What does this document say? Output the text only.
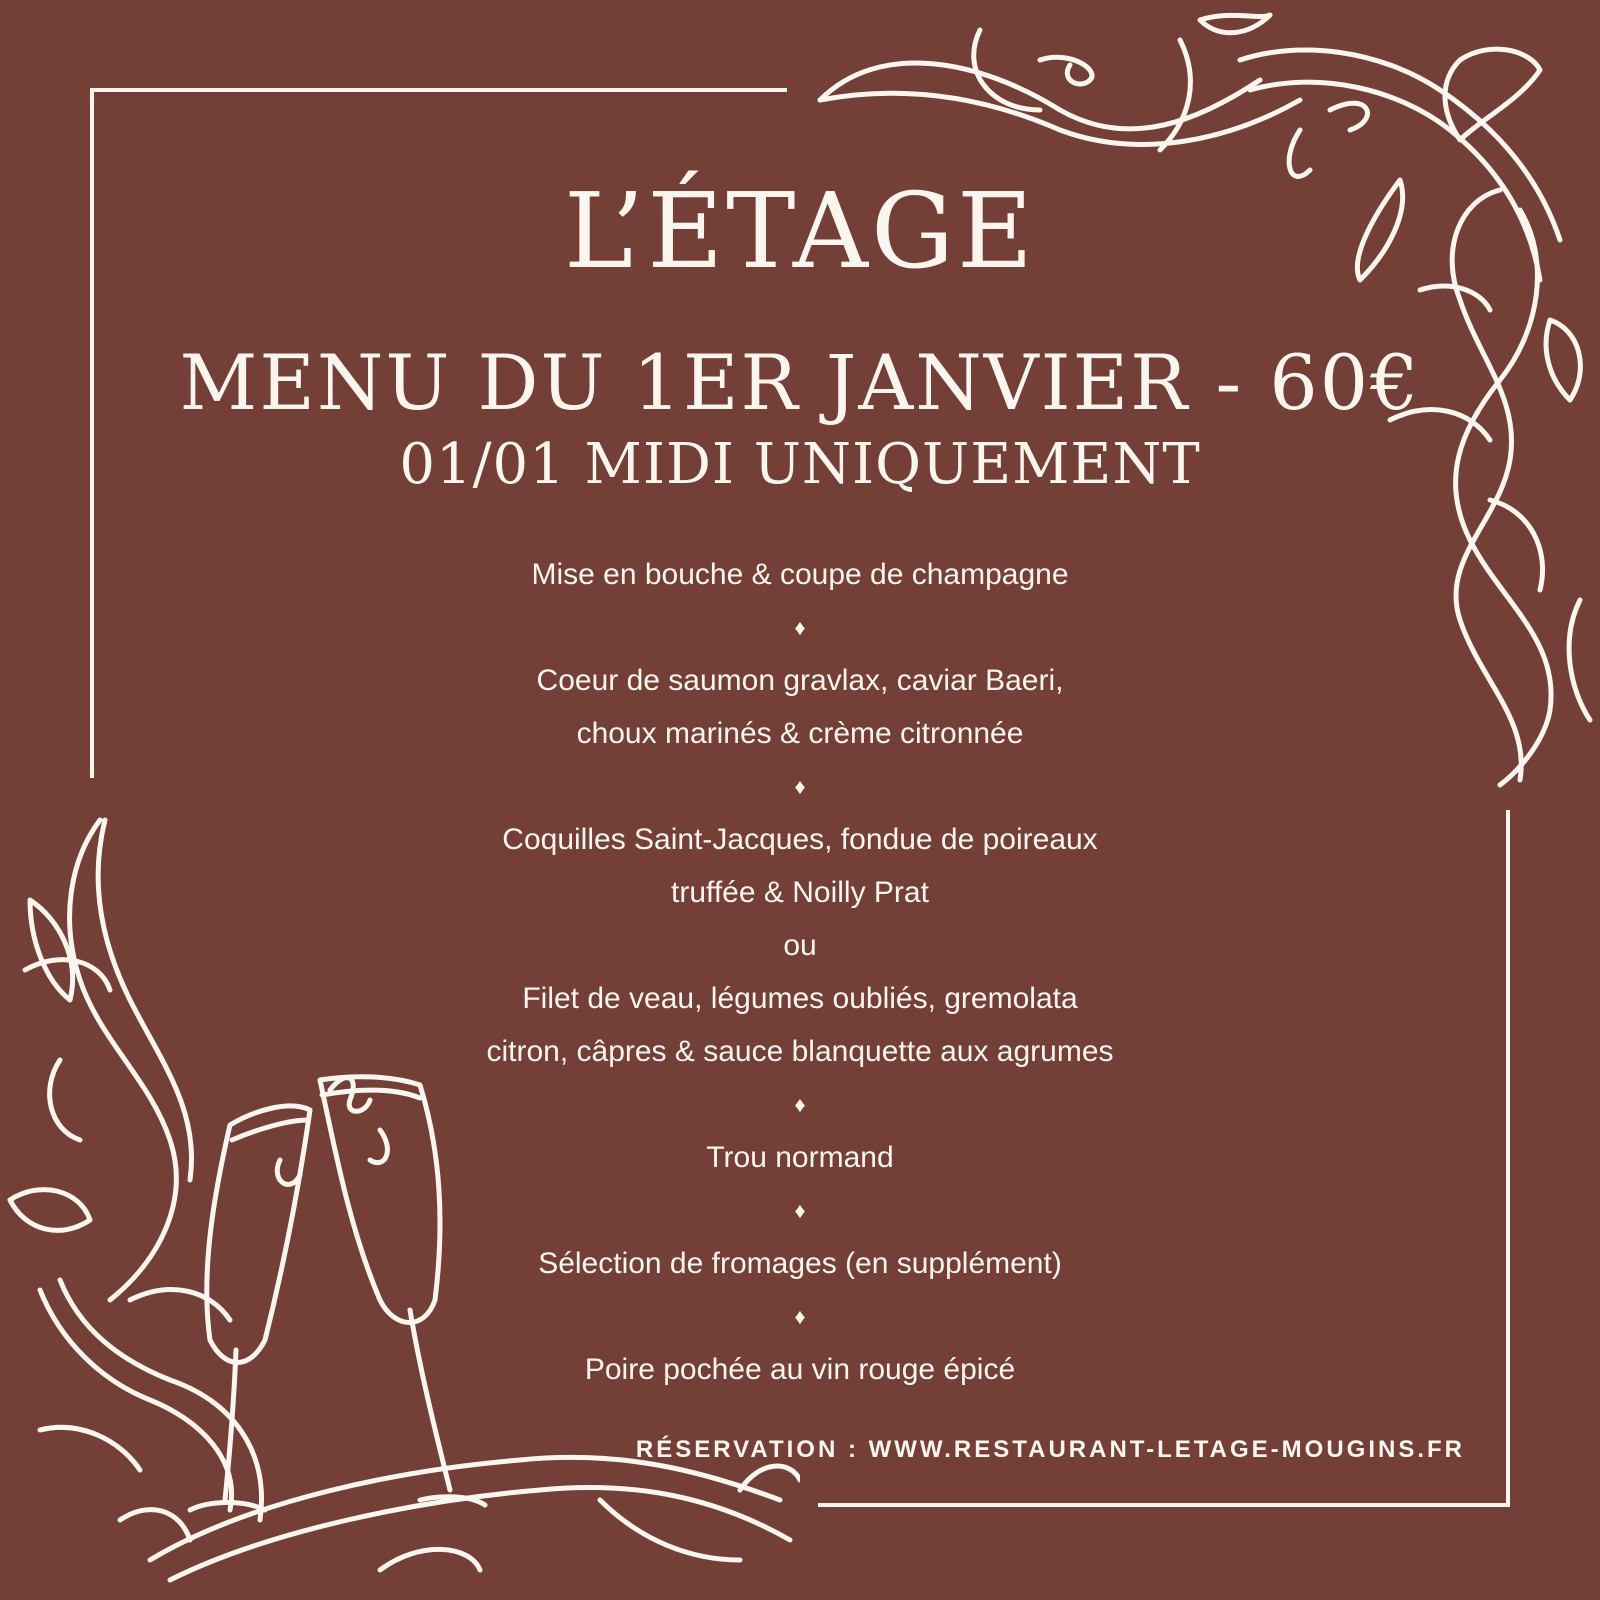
L’ÉTAGE
MENU DU 1ER JANVIER - 60€
01/01 MIDI UNIQUEMENT
Mise en bouche & coupe de champagne
♦
Coeur de saumon gravlax, caviar Baeri,
choux marinés & crème citronnée
♦
Coquilles Saint-Jacques, fondue de poireaux
truffée & Noilly Prat
ou
Filet de veau, légumes oubliés, gremolata
citron, câpres & sauce blanquette aux agrumes
♦
Trou normand
♦
Sélection de fromages (en supplément)
♦
Poire pochée au vin rouge épicé
RÉSERVATION : WWW.RESTAURANT-LETAGE-MOUGINS.FR
